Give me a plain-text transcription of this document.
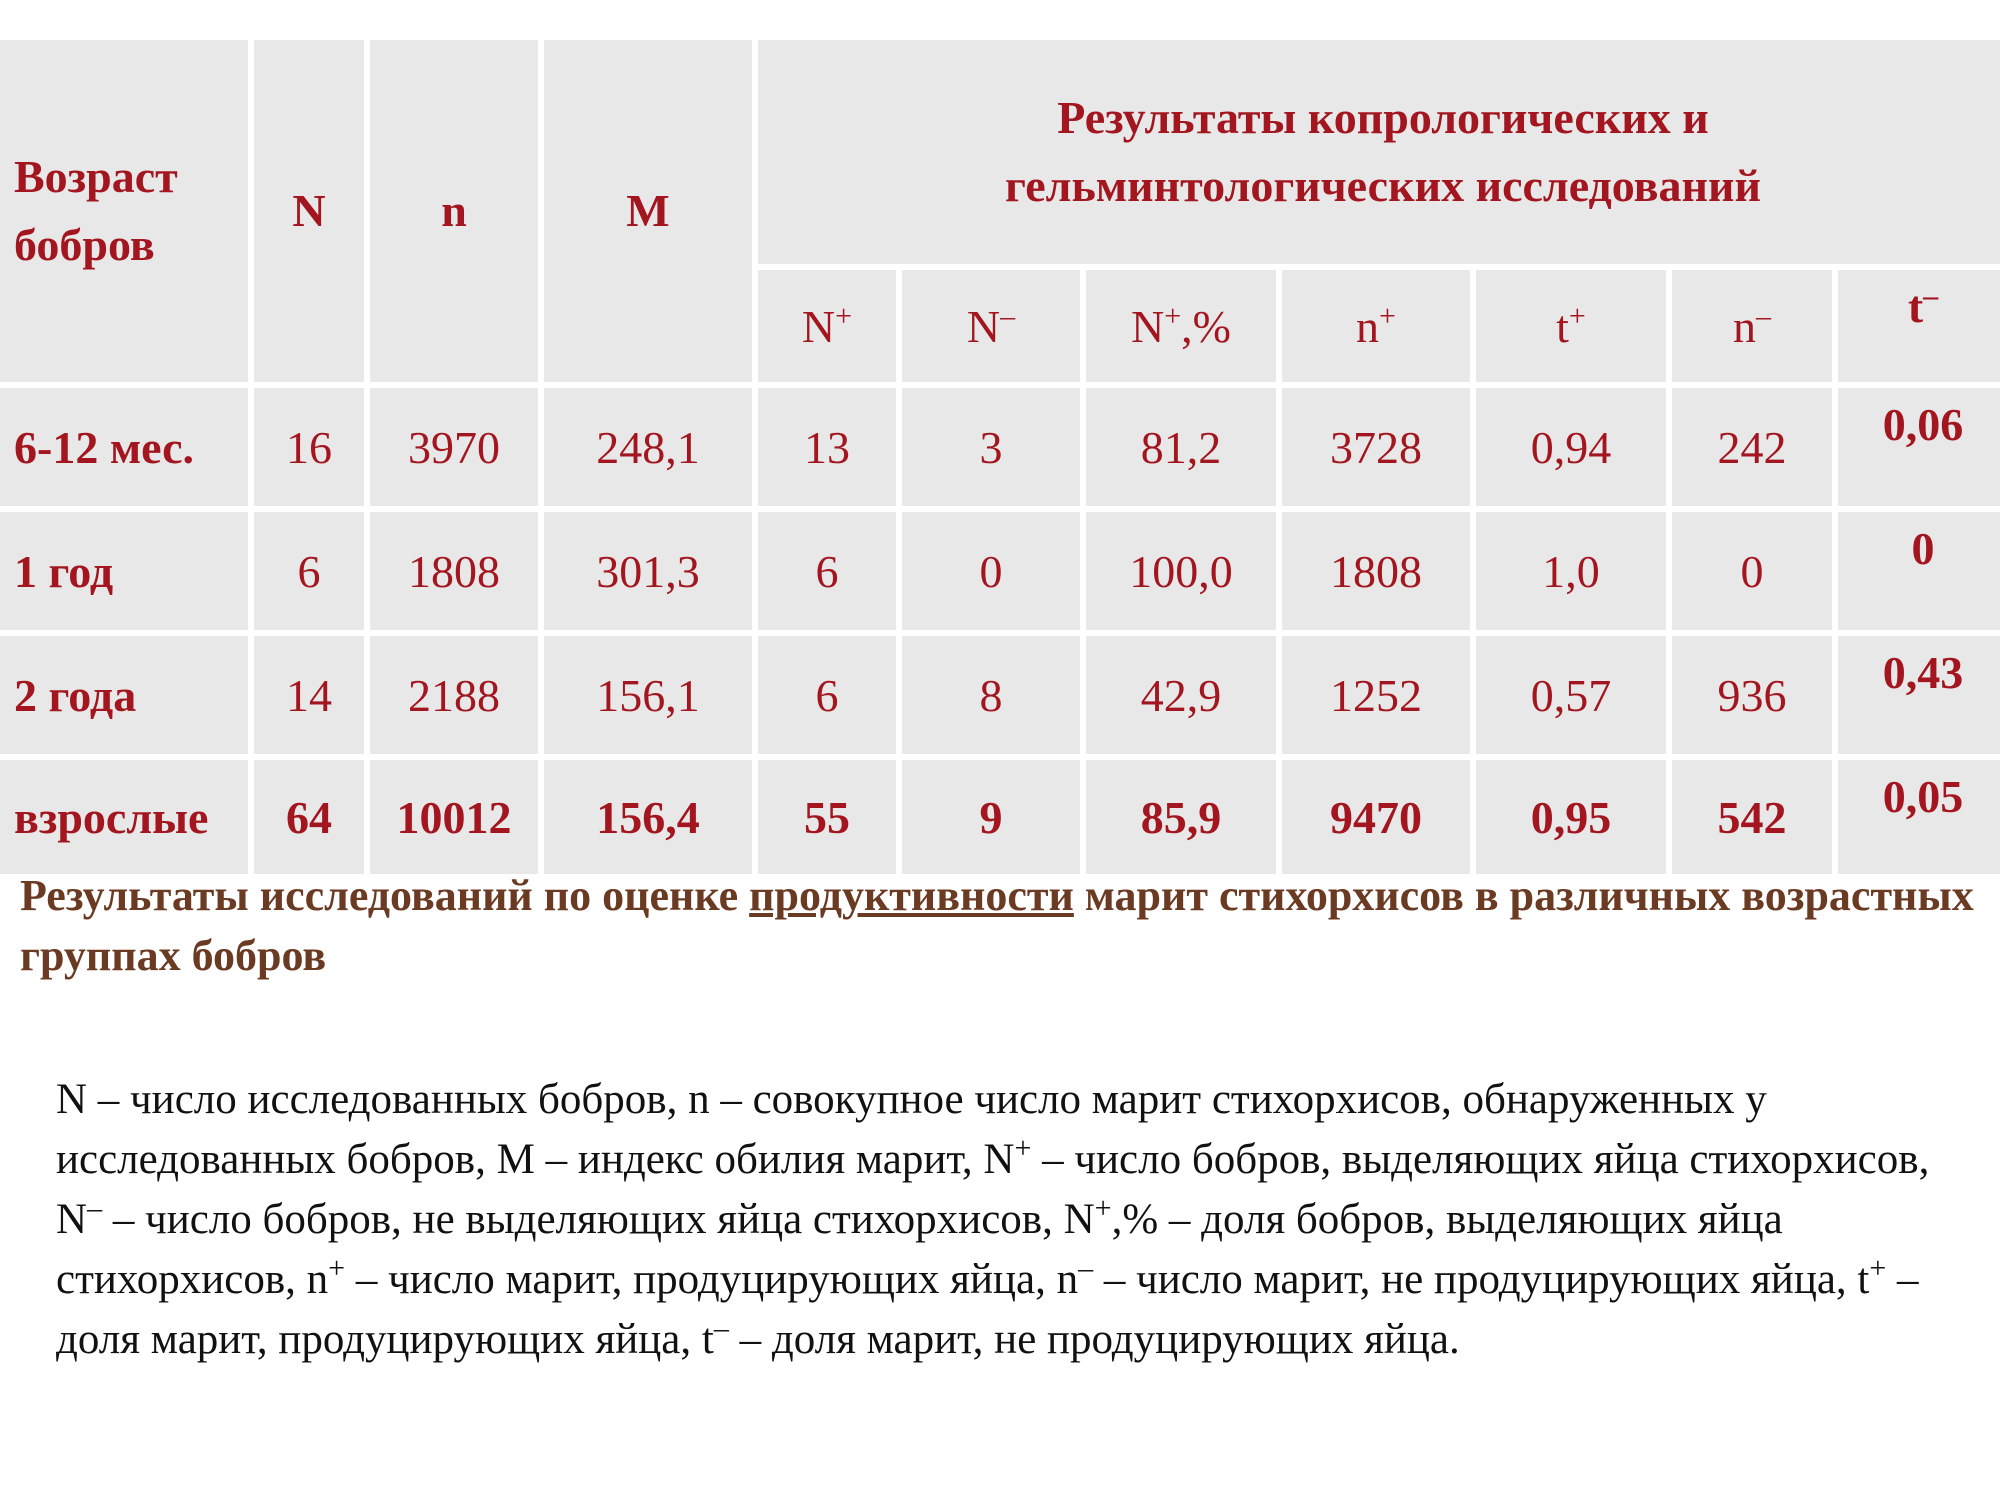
Возраст бобров	N	n	M	Результаты копрологических и гельминтологических исследований						

				N+	N–	N+,%	n+	t+	n–	t–
6-12 мес.	16	3970	248,1	13	3	81,2	3728	0,94	242	0,06
1 год	6	1808	301,3	6	0	100,0	1808	1,0	0	0
2 года	14	2188	156,1	6	8	42,9	1252	0,57	936	0,43
взрослые	64	10012	156,4	55	9	85,9	9470	0,95	542	0,05
Результаты исследований по оценке продуктивности марит стихорхисов в различных возрастных группах бобров
N – число исследованных бобров, n – совокупное число марит стихорхисов, обнаруженных у исследованных бобров, M – индекс обилия марит, N+ – число бобров, выделяющих яйца стихорхисов, N– – число бобров, не выделяющих яйца стихорхисов, N+,% – доля бобров, выделяющих яйца стихорхисов, n+ – число марит, продуцирующих яйца, n– – число марит, не продуцирующих яйца, t+ – доля марит, продуцирующих яйца, t– – доля марит, не продуцирующих яйца.
